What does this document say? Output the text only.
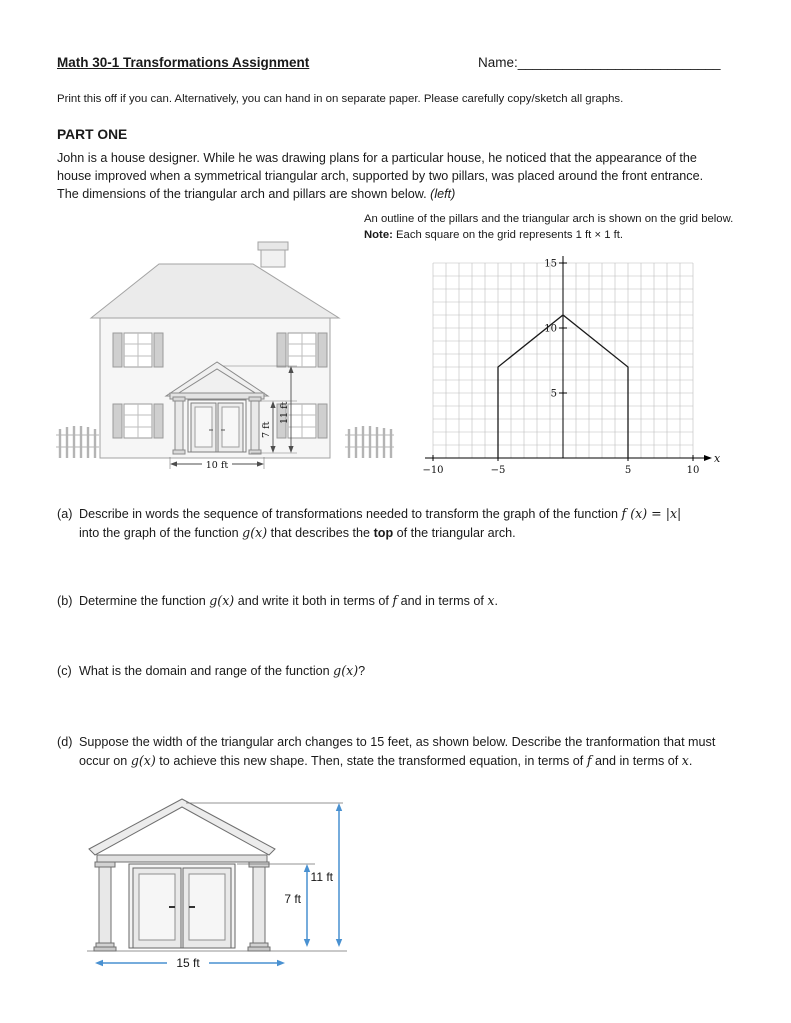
Math 30-1 Transformations Assignment	Name:___________________________
Print this off if you can. Alternatively, you can hand in on separate paper. Please carefully copy/sketch all graphs.
PART ONE
John is a house designer. While he was drawing plans for a particular house, he noticed that the appearance of the house improved when a symmetrical triangular arch, supported by two pillars, was placed around the front entrance. The dimensions of the triangular arch and pillars are shown below. (left)
An outline of the pillars and the triangular arch is shown on the grid below.
Note: Each square on the grid represents 1 ft × 1 ft.
7 ft
11 ft
10 ft	−10	−5	5	10
5
10
15
x
(a) Describe in words the sequence of transformations needed to transform the graph of the function f (x) = |x| into the graph of the function g(x) that describes the top of the triangular arch.
(b) Determine the function g(x) and write it both in terms of f and in terms of x.
(c) What is the domain and range of the function g(x)?
(d) Suppose the width of the triangular arch changes to 15 feet, as shown below. Describe the tranformation that must occur on g(x) to achieve this new shape. Then, state the transformed equation, in terms of f and in terms of x.
7 ft
11 ft
15 ft
